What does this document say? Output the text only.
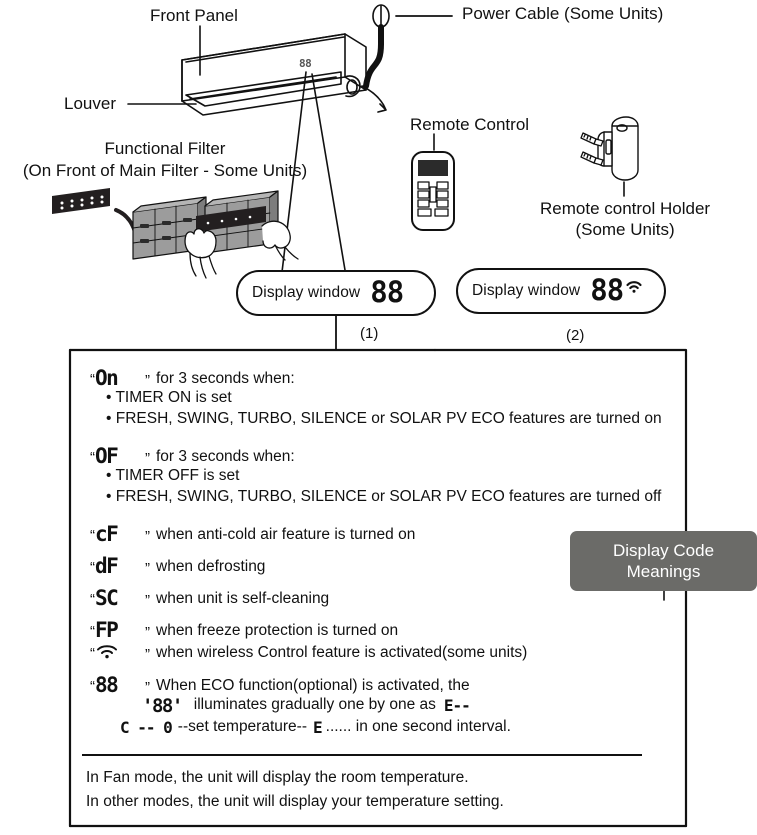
Front Panel	Power Cable (Some Units)
Louver
Remote Control
Remote control Holder
(Some Units)
Functional Filter
(On Front of Main Filter - Some Units)
88
Display window 88
(1)
Display window 88
(2)
“ On	” for 3 seconds when:
• TIMER ON is set
• FRESH, SWING, TURBO, SILENCE or SOLAR PV ECO features are turned on
“ OF	” for 3 seconds when:
• TIMER OFF is set
• FRESH, SWING, TURBO, SILENCE or SOLAR PV ECO features are turned off
“ cF	” when anti-cold air feature is turned on
“ dF	” when defrosting
“ SC	” when unit is self-cleaning
“ FP	” when freeze protection is turned on
“	” when wireless Control feature is activated(some units)
“ 88	” When ECO function(optional) is activated, the
'88' illuminates gradually one by one as E--
C -- 0 --set temperature-- E ...... in one second interval.
In Fan mode, the unit will display the room temperature.
In other modes, the unit will display your temperature setting.
Display Code
Meanings
